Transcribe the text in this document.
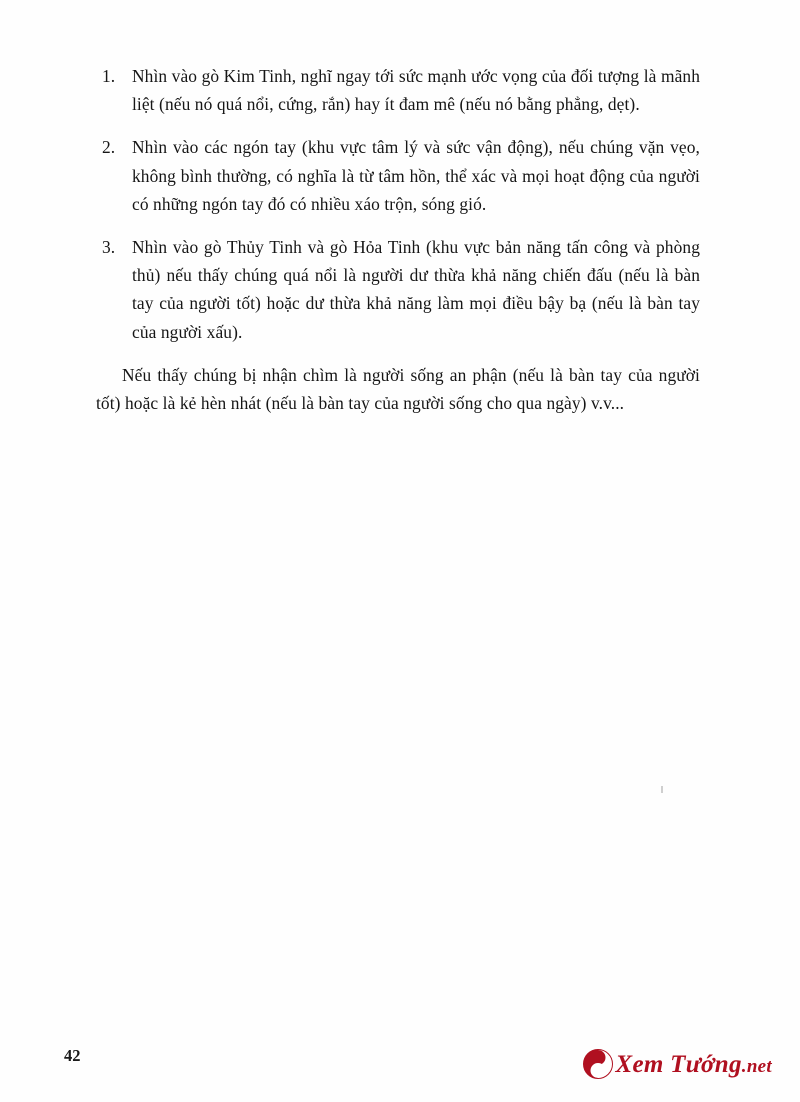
1. Nhìn vào gò Kim Tinh, nghĩ ngay tới sức mạnh ước vọng của đối tượng là mãnh liệt (nếu nó quá nổi, cứng, rắn) hay ít đam mê (nếu nó bằng phẳng, dẹt).
2. Nhìn vào các ngón tay (khu vực tâm lý và sức vận động), nếu chúng vặn vẹo, không bình thường, có nghĩa là từ tâm hồn, thể xác và mọi hoạt động của người có những ngón tay đó có nhiều xáo trộn, sóng gió.
3. Nhìn vào gò Thủy Tinh và gò Hỏa Tinh (khu vực bản năng tấn công và phòng thủ) nếu thấy chúng quá nổi là người dư thừa khả năng chiến đấu (nếu là bàn tay của người tốt) hoặc dư thừa khả năng làm mọi điều bậy bạ (nếu là bàn tay của người xấu).

Nếu thấy chúng bị nhận chìm là người sống an phận (nếu là bàn tay của người tốt) hoặc là kẻ hèn nhát (nếu là bàn tay của người sống cho qua ngày) v.v...

42	Xem Tướng.net
